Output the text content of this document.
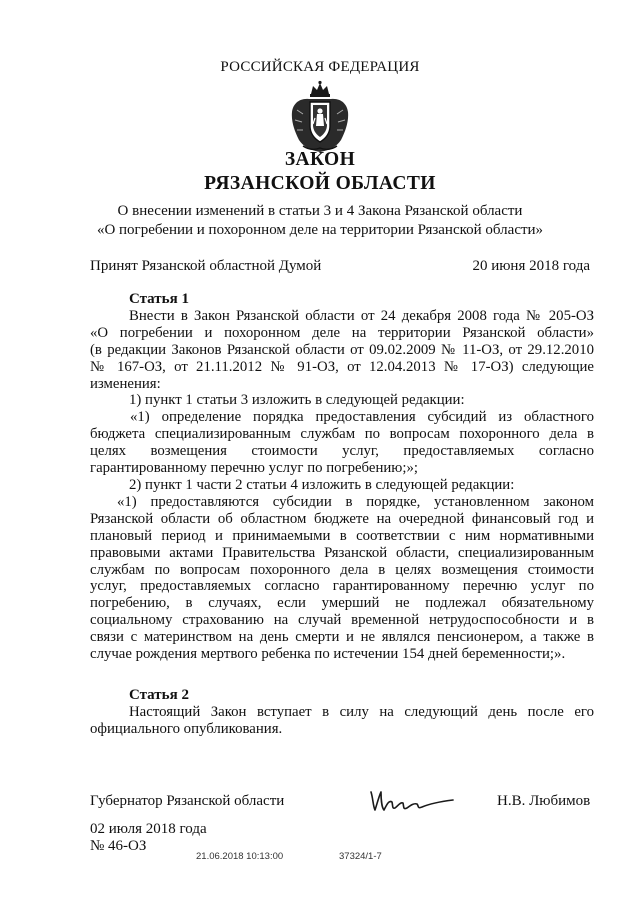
РОССИЙСКАЯ ФЕДЕРАЦИЯ
ЗАКОН
РЯЗАНСКОЙ ОБЛАСТИ
О внесении изменений в статьи 3 и 4 Закона Рязанской области
«О погребении и похоронном деле на территории Рязанской области»
Принят Рязанской областной Думой	20 июня 2018 года

Статья 1

Внести в Закон Рязанской области от 24 декабря 2008 года № 205-ОЗ

«О погребении и похоронном деле на территории Рязанской области»

(в редакции Законов Рязанской области от 09.02.2009 № 11-ОЗ, от 29.12.2010

№ 167-ОЗ, от 21.11.2012 № 91-ОЗ, от 12.04.2013 № 17-ОЗ) следующие

изменения:

1) пункт 1 статьи 3 изложить в следующей редакции:

«1) определение порядка предоставления субсидий из областного

бюджета специализированным службам по вопросам похоронного дела в

целях возмещения стоимости услуг, предоставляемых согласно

гарантированному перечню услуг по погребению;»;

2) пункт 1 части 2 статьи 4 изложить в следующей редакции:

«1) предоставляются субсидии в порядке, установленном законом

Рязанской области об областном бюджете на очередной финансовый год и

плановый период и принимаемыми в соответствии с ним нормативными

правовыми актами Правительства Рязанской области, специализированным

службам по вопросам похоронного дела в целях возмещения стоимости

услуг, предоставляемых согласно гарантированному перечню услуг по

погребению, в случаях, если умерший не подлежал обязательному

социальному страхованию на случай временной нетрудоспособности и в

связи с материнством на день смерти и не являлся пенсионером, а также в

случае рождения мертвого ребенка по истечении 154 дней беременности;».

Статья 2

Настоящий Закон вступает в силу на следующий день после его

официального опубликования.

Губернатор Рязанской области	Н.В. Любимов
02 июля 2018 года
№ 46-ОЗ
21.06.2018 10:13:00	37324/1-7
